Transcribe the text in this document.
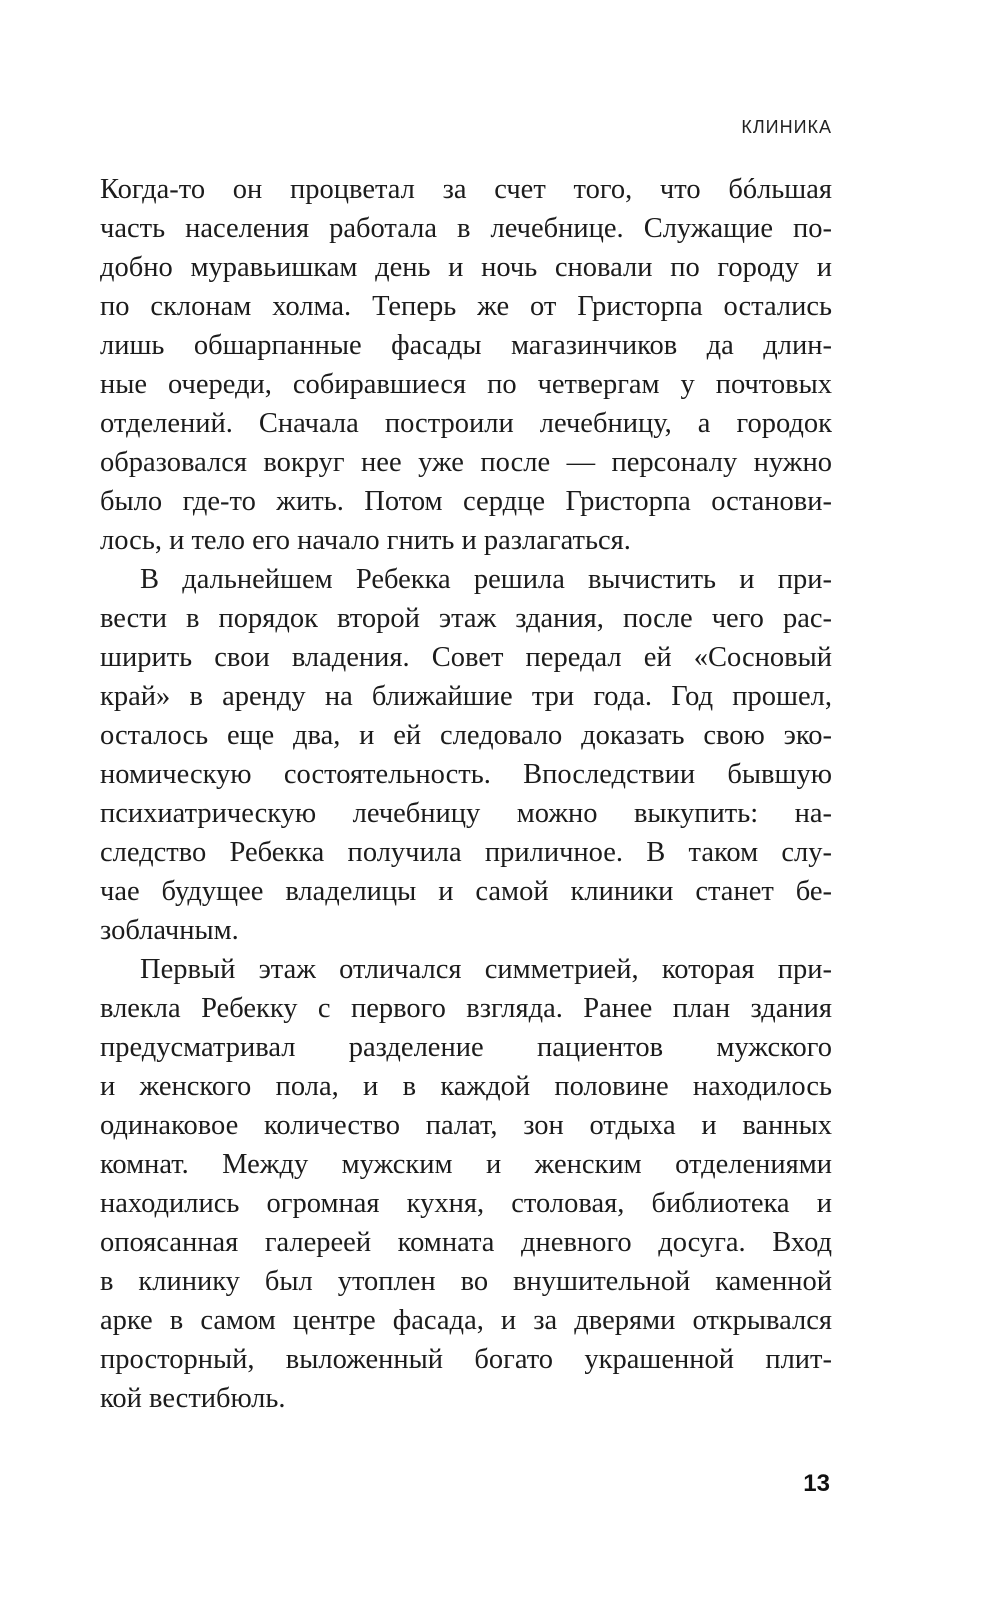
КЛИНИКА
Когда-то он процветал за счет того, что бóльшая
часть населения работала в лечебнице. Служащие по-
добно муравьишкам день и ночь сновали по городу и
по склонам холма. Теперь же от Гристорпа остались
лишь обшарпанные фасады магазинчиков да длин-
ные очереди, собиравшиеся по четвергам у почтовых
отделений. Сначала построили лечебницу, а городок
образовался вокруг нее уже после — персоналу нужно
было где-то жить. Потом сердце Гристорпа останови-
лось, и тело его начало гнить и разлагаться.
В дальнейшем Ребекка решила вычистить и при-
вести в порядок второй этаж здания, после чего рас-
ширить свои владения. Совет передал ей «Сосновый
край» в аренду на ближайшие три года. Год прошел,
осталось еще два, и ей следовало доказать свою эко-
номическую состоятельность. Впоследствии бывшую
психиатрическую лечебницу можно выкупить: на-
следство Ребекка получила приличное. В таком слу-
чае будущее владелицы и самой клиники станет бе-
зоблачным.
Первый этаж отличался симметрией, которая при-
влекла Ребекку с первого взгляда. Ранее план здания
предусматривал разделение пациентов мужского
и женского пола, и в каждой половине находилось
одинаковое количество палат, зон отдыха и ванных
комнат. Между мужским и женским отделениями
находились огромная кухня, столовая, библиотека и
опоясанная галереей комната дневного досуга. Вход
в клинику был утоплен во внушительной каменной
арке в самом центре фасада, и за дверями открывался
просторный, выложенный богато украшенной плит-
кой вестибюль.
13
